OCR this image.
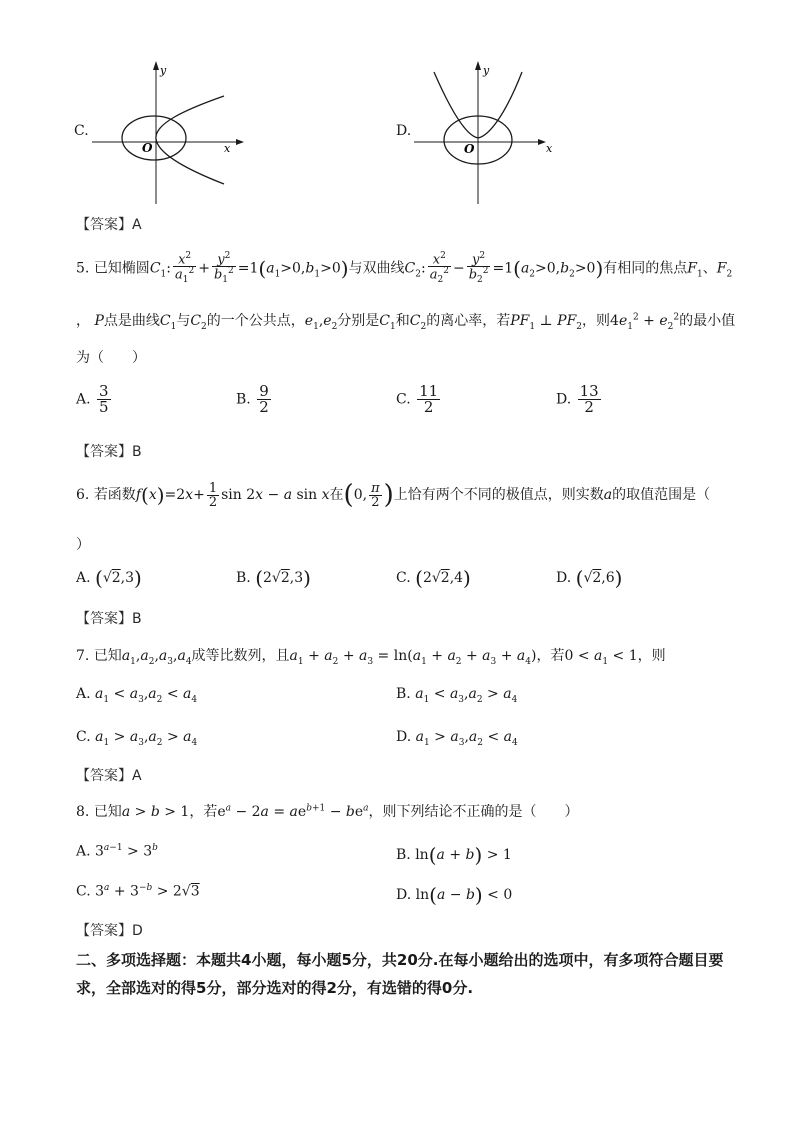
C.
y
x
O
D.
y
x
O
【答案】A
5. 已知椭圆$C_1$: $\frac{x^2}{a_1^2} + \frac{y^2}{b_1^2} =1(a_1>0,b_1>0)$与双曲线$C_2$: $\frac{x^2}{a_2^2} - \frac{y^2}{b_2^2} =1(a_2>0,b_2>0)$有相同的焦点$F_1$、$F_2$
， P点是曲线$C_1$与$C_2$的一个公共点，$e_1,e_2$分别是$C_1$和$C_2$的离心率，若$PF_1$ ⊥ $PF_2$，则$4e_1^2 + e_2^2$的最小值
为（　　）
A. $\frac{3}{5}$	B. $\frac{9}{2}$	C. $\frac{11}{2}$	D. $\frac{13}{2}$
【答案】B
6. 若函数$f(x)=2x+ \frac{1}{2}$ sin 2x − a sin x在(0, $\frac{\pi}{2}$ )上恰有两个不同的极值点，则实数a的取值范围是（
）
A. (√2,3)	B. (2√2,3)	C. (2√2,4)	D. (√2,6)
【答案】B
7. 已知$a_1,a_2,a_3,a_4$成等比数列，且$a_1 + a_2 + a_3 = \ln(a_1 + a_2 + a_3 + a_4)$，若$0 < a_1 < 1$，则
A. $a_1 < a_3,a_2 < a_4$	B. $a_1 < a_3,a_2 > a_4$
C. $a_1 > a_3,a_2 > a_4$	D. $a_1 > a_3,a_2 < a_4$
【答案】A
8. 已知a > b > 1，若$e^a - 2a = ae^{b+1} - be^a$，则下列结论不正确的是（　　）
A. $3^{a-1} > 3^b$	B. ln(a + b) > 1
C. $3^a + 3^{-b} > 2√3$	D. ln(a − b) < 0
【答案】D
二、多项选择题：本题共4小题，每小题5分，共20分.在每小题给出的选项中，有多项符合题目要求，全部选对的得5分，部分选对的得2分，有选错的得0分.
